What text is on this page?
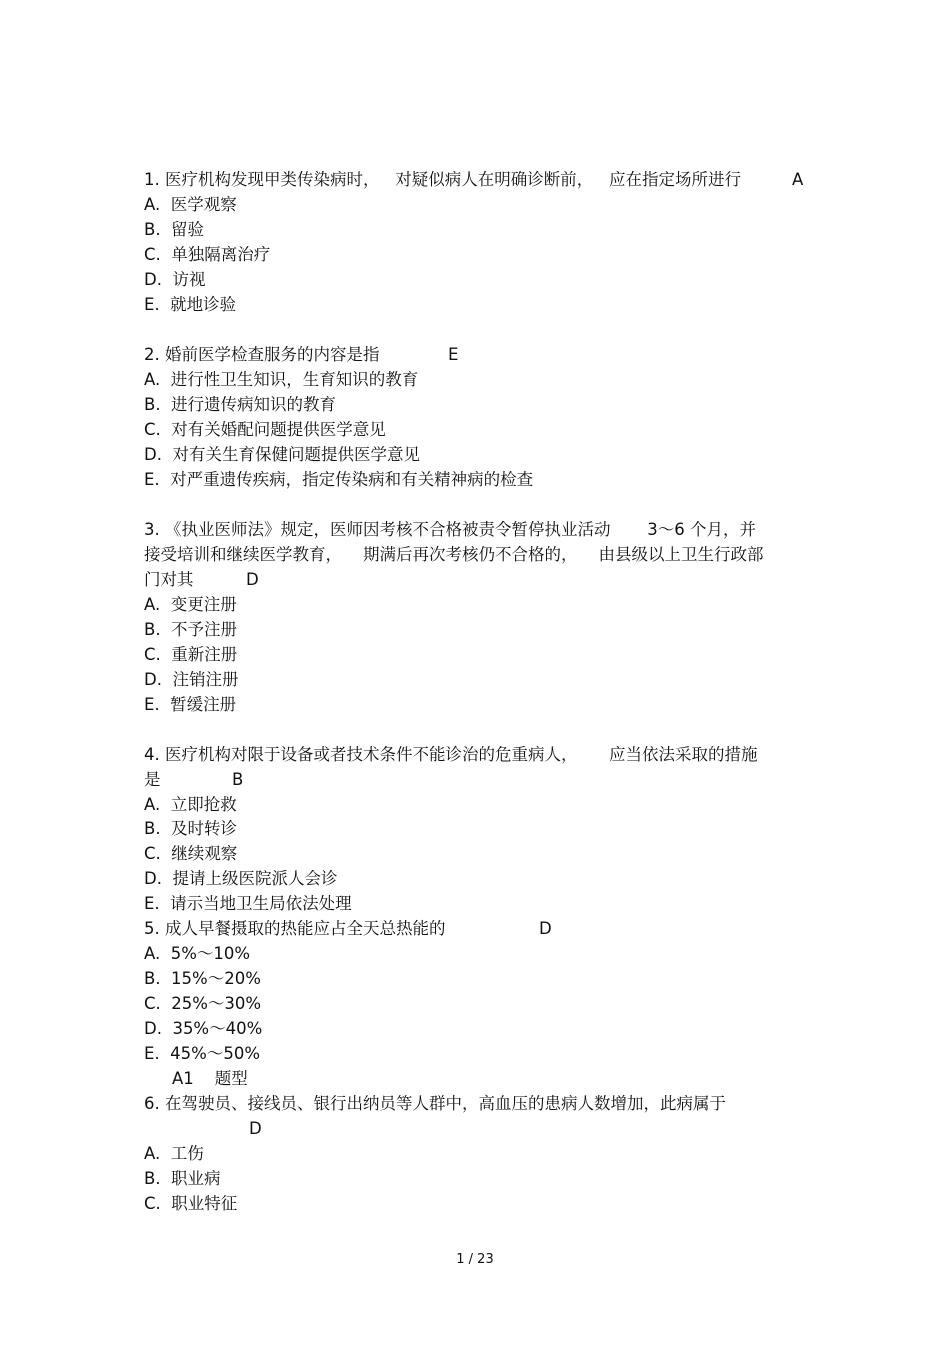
1. 医疗机构发现甲类传染病时，   对疑似病人在明确诊断前，   应在指定场所进行	A
A.  医学观察
B.  留验
C.  单独隔离治疗
D.  访视
E.  就地诊验
2. 婚前医学检查服务的内容是指	E
A.  进行性卫生知识，生育知识的教育
B.  进行遗传病知识的教育
C.  对有关婚配问题提供医学意见
D.  对有关生育保健问题提供医学意见
E.  对严重遗传疾病，指定传染病和有关精神病的检查
3. 《执业医师法》规定，医师因考核不合格被责令暂停执业活动       3～6 个月，并
接受培训和继续医学教育，    期满后再次考核仍不合格的，    由县级以上卫生行政部
门对其	D
A.  变更注册
B.  不予注册
C.  重新注册
D.  注销注册
E.  暂缓注册
4. 医疗机构对限于设备或者技术条件不能诊治的危重病人，      应当依法采取的措施
是	B
A.  立即抢救
B.  及时转诊
C.  继续观察
D.  提请上级医院派人会诊
E.  请示当地卫生局依法处理
5. 成人早餐摄取的热能应占全天总热能的	D
A.  5%～10%
B.  15%～20%
C.  25%～30%
D.  35%～40%
E.  45%～50%
A1    题型
6. 在驾驶员、接线员、银行出纳员等人群中，高血压的患病人数增加，此病属于
D
A.  工伤
B.  职业病
C.  职业特征
1 / 23
